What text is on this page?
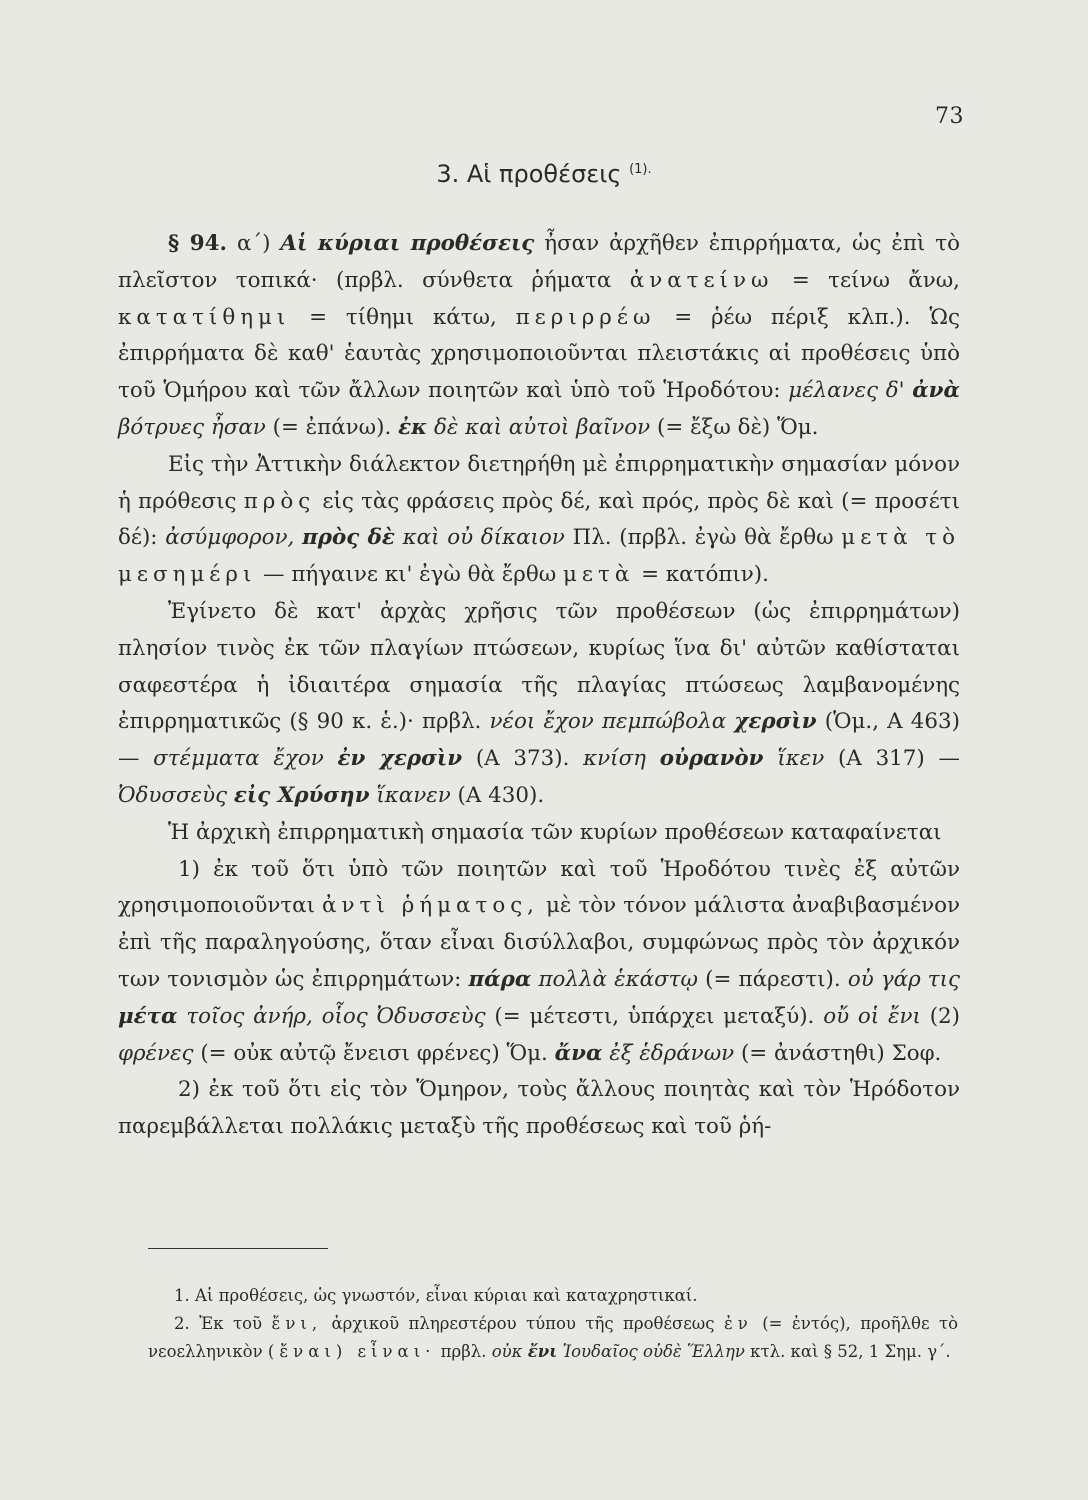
73
3. Αἱ προθέσεις $^{(1).}$

§ 94. α΄) Αἱ κύριαι προθέσεις ἦσαν ἀρχῆθεν ἐπιρρήματα, ὡς ἐπὶ τὸ πλεῖστον τοπικά· (πρβλ. σύνθετα ῥήματα ἀνατείνω = τείνω ἄνω, κατατίθημι = τίθημι κάτω, περιρρέω = ῥέω πέριξ κλπ.). Ὡς ἐπιρρήματα δὲ καθ' ἑαυτὰς χρησιμοποιοῦνται πλειστάκις αἱ προθέσεις ὑπὸ τοῦ Ὁμήρου καὶ τῶν ἄλλων ποιητῶν καὶ ὑπὸ τοῦ Ἡροδότου: μέλανες δ' ἀνὰ βότρυες ἦσαν (= ἐπάνω). ἐκ δὲ καὶ αὐτοὶ βαῖνον (= ἔξω δὲ) Ὅμ.

Εἰς τὴν Ἀττικὴν διάλεκτον διετηρήθη μὲ ἐπιρρηματικὴν σημασίαν μόνον ἡ πρόθεσις πρὸς εἰς τὰς φράσεις πρὸς δέ, καὶ πρός, πρὸς δὲ καὶ (= προσέτι δέ): ἀσύμφορον, πρὸς δὲ καὶ οὐ δίκαιον Πλ. (πρβλ. ἐγὼ θὰ ἔρθω μετὰ τὸ μεσημέρι — πήγαινε κι' ἐγὼ θὰ ἔρθω μετὰ = κατόπιν).

Ἐγίνετο δὲ κατ' ἀρχὰς χρῆσις τῶν προθέσεων (ὡς ἐπιρρημάτων) πλησίον τινὸς ἐκ τῶν πλαγίων πτώσεων, κυρίως ἵνα δι' αὐτῶν καθίσταται σαφεστέρα ἡ ἰδιαιτέρα σημασία τῆς πλαγίας πτώσεως λαμβανομένης ἐπιρρηματικῶς (§ 90 κ. ἑ.)· πρβλ. νέοι ἔχον πεμπώβολα χερσὶν (Ὁμ., Α 463) — στέμματα ἔχον ἐν χερσὶν (Α 373). κνίση οὐρανὸν ἵκεν (Α 317) — Ὀδυσσεὺς εἰς Χρύσην ἵκανεν (Α 430).

Ἡ ἀρχικὴ ἐπιρρηματικὴ σημασία τῶν κυρίων προθέσεων καταφαίνεται

1) ἐκ τοῦ ὅτι ὑπὸ τῶν ποιητῶν καὶ τοῦ Ἡροδότου τινὲς ἐξ αὐτῶν χρησιμοποιοῦνται ἀντὶ ῥήματος, μὲ τὸν τόνον μάλιστα ἀναβιβασμένον ἐπὶ τῆς παραληγούσης, ὅταν εἶναι δισύλλαβοι, συμφώνως πρὸς τὸν ἀρχικόν των τονισμὸν ὡς ἐπιρρημάτων: πάρα πολλὰ ἑκάστῳ (= πάρεστι). οὐ γάρ τις μέτα τοῖος ἀνήρ, οἷος Ὀδυσσεὺς (= μέτεστι, ὑπάρχει μεταξύ). οὔ οἱ ἔνι (2) φρένες (= οὐκ αὐτῷ ἔνεισι φρένες) Ὅμ. ἄνα ἐξ ἑδράνων (= ἀνάστηθι) Σοφ.

2) ἐκ τοῦ ὅτι εἰς τὸν Ὅμηρον, τοὺς ἄλλους ποιητὰς καὶ τὸν Ἡρόδοτον παρεμβάλλεται πολλάκις μεταξὺ τῆς προθέσεως καὶ τοῦ ῥή-

1. Αἱ προθέσεις, ὡς γνωστόν, εἶναι κύριαι καὶ καταχρηστικαί.

2. Ἐκ τοῦ ἔνι, ἀρχικοῦ πληρεστέρου τύπου τῆς προθέσεως ἐν (= ἐντός), προῆλθε τὸ νεοελληνικὸν (ἔναι) εἶναι· πρβλ. οὐκ ἔνι Ἰουδαῖος οὐδὲ Ἕλλην κτλ. καὶ § 52, 1 Σημ. γ΄.
